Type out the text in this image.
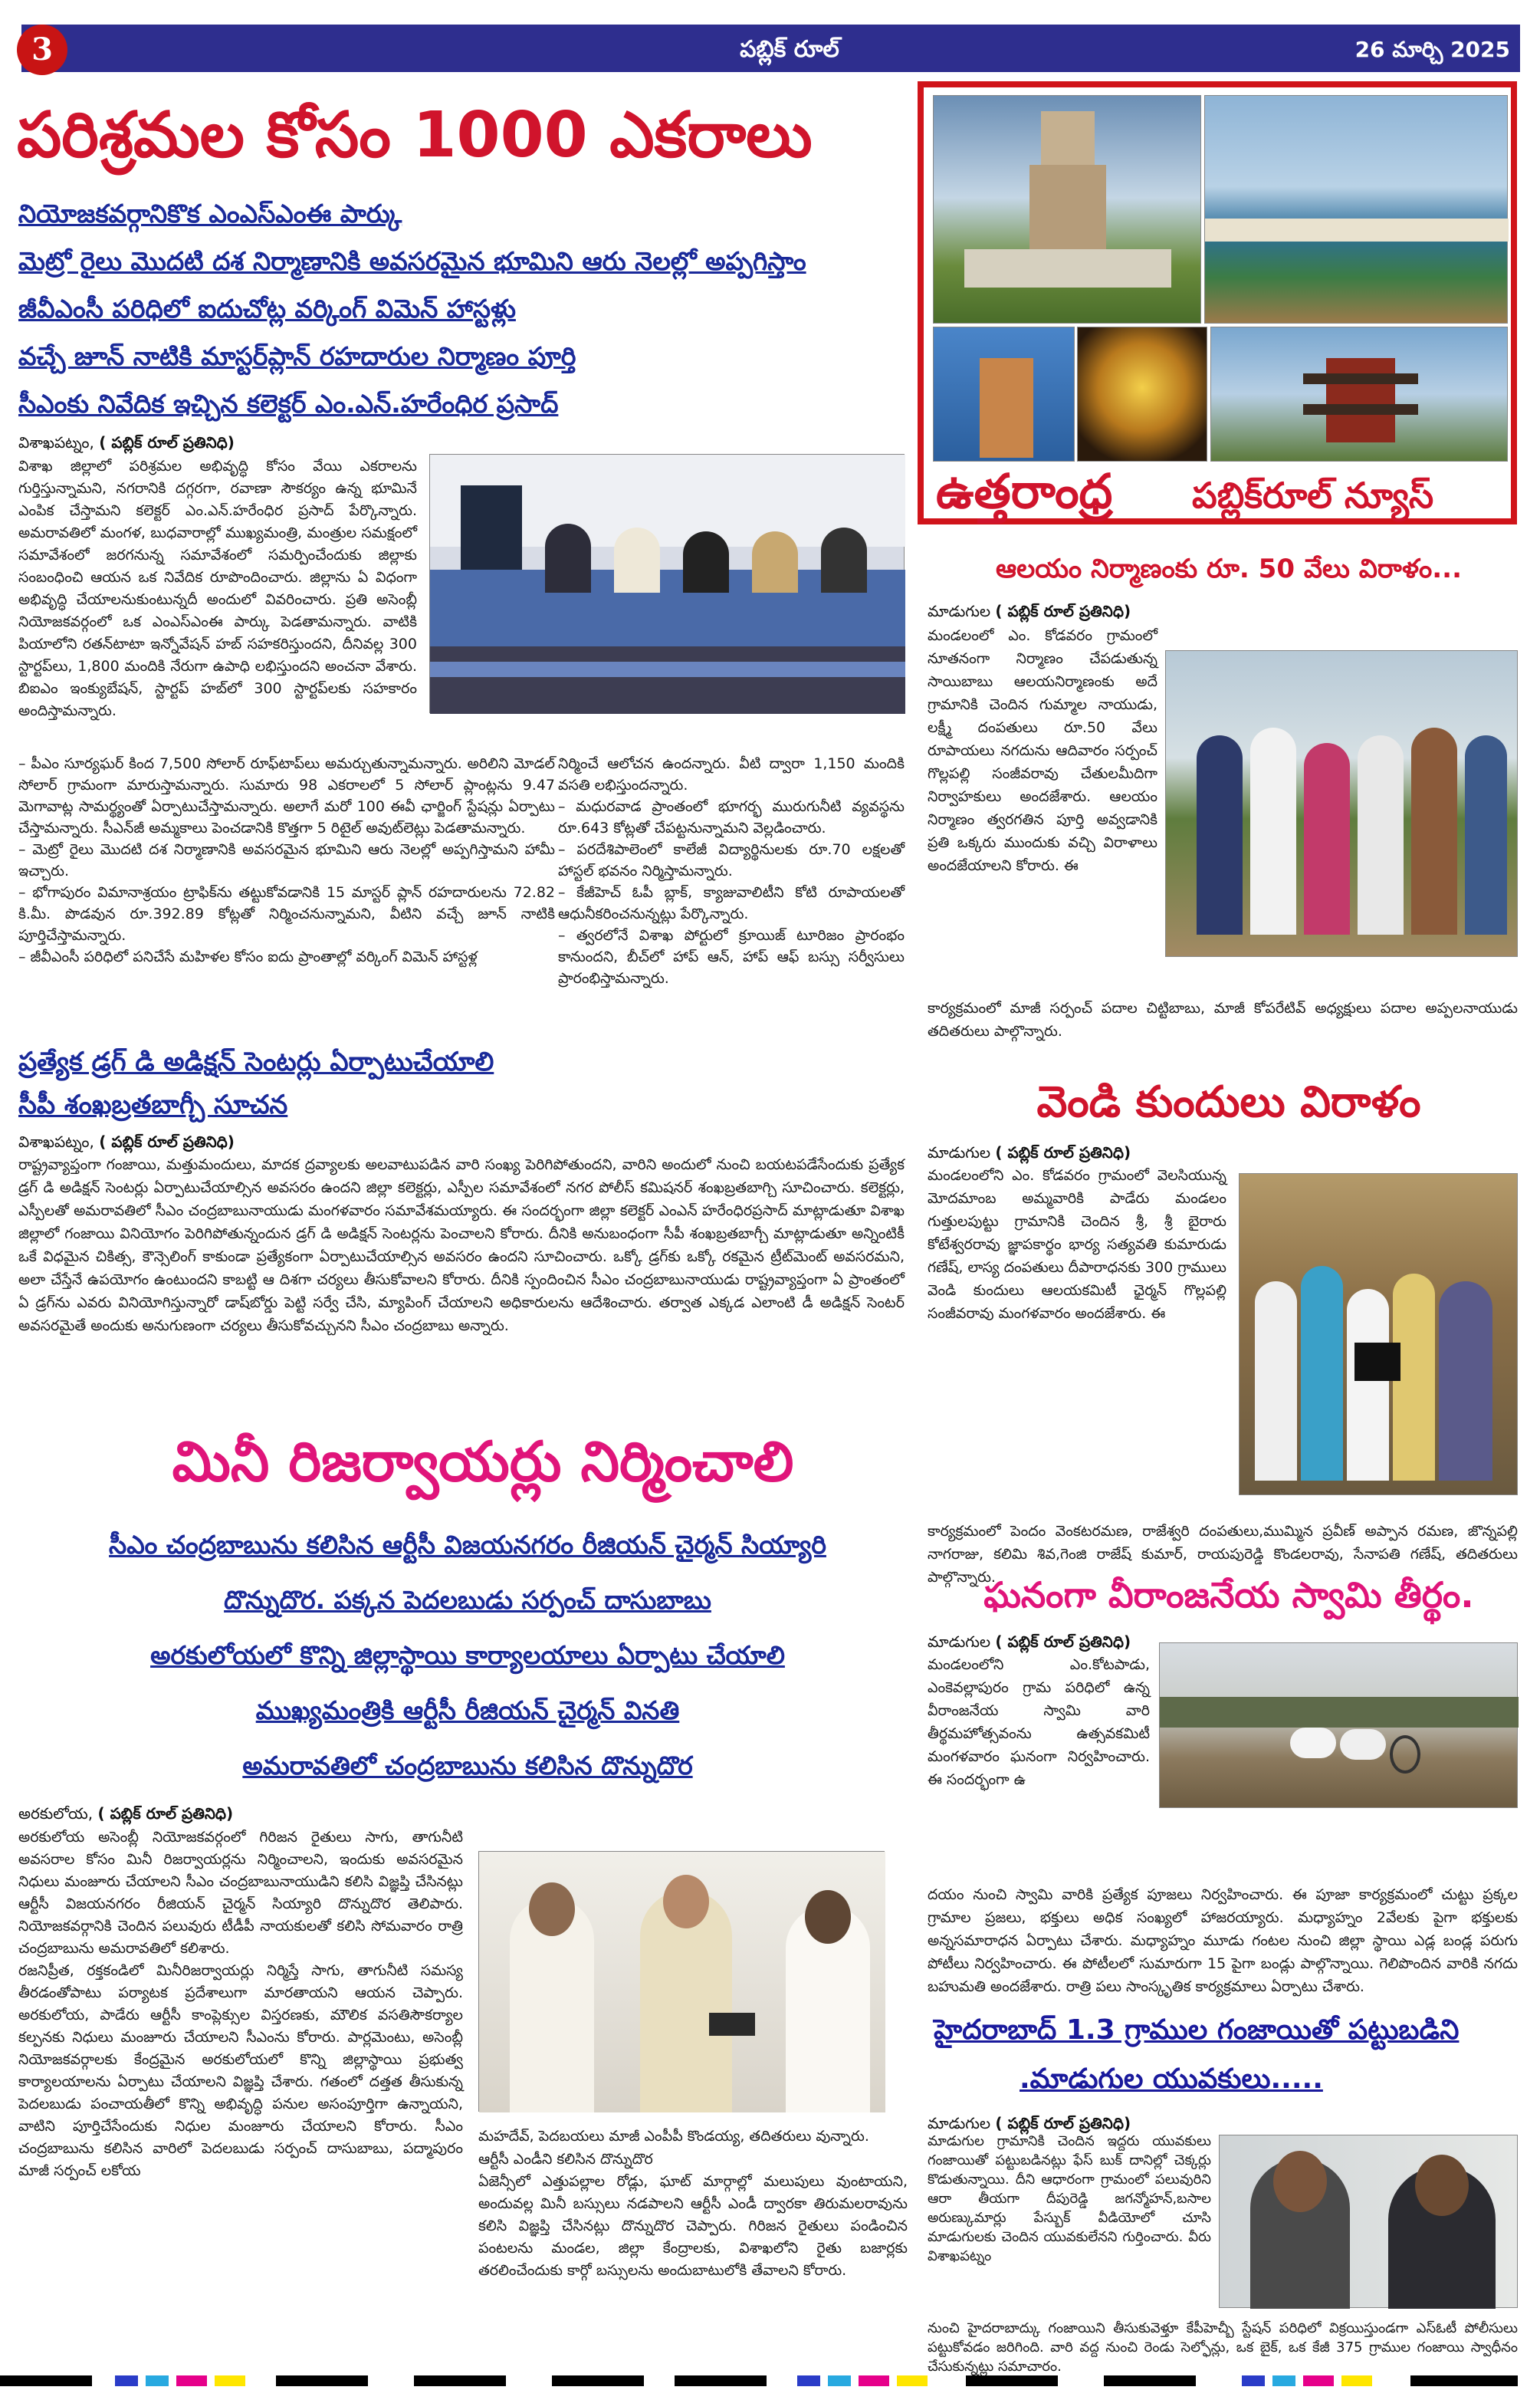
3	పబ్లిక్ రూల్	26 మార్చి 2025
పరిశ్రమల కోసం 1000 ఎకరాలు
నియోజకవర్గానికొక ఎంఎస్ఎంఈ పార్కు
మెట్రో రైలు మొదటి దశ నిర్మాణానికి అవసరమైన భూమిని ఆరు నెలల్లో అప్పగిస్తాం
జీవీఎంసీ పరిధిలో ఐదుచోట్ల వర్కింగ్ విమెన్ హాస్టళ్లు
వచ్చే జూన్ నాటికి మాస్టర్‌ప్లాన్ రహదారుల నిర్మాణం పూర్తి
సీఎంకు నివేదిక ఇచ్చిన కలెక్టర్ ఎం.ఎన్.హరేంధిర ప్రసాద్
విశాఖపట్నం, ( పబ్లిక్ రూల్ ప్రతినిధి)
విశాఖ జిల్లాలో పరిశ్రమల అభివృద్ధి కోసం వేయి ఎకరాలను గుర్తిస్తున్నామని, నగరానికి దగ్గరగా, రవాణా సౌకర్యం ఉన్న భూమినే ఎంపిక చేస్తామని కలెక్టర్ ఎం.ఎన్.హరేంధిర ప్రసాద్ పేర్కొన్నారు. అమరావతిలో మంగళ, బుధవారాల్లో ముఖ్యమంత్రి, మంత్రుల సమక్షంలో సమావేశంలో జరగనున్న సమావేశంలో సమర్పించేందుకు జిల్లాకు సంబంధించి ఆయన ఒక నివేదిక రూపొందించారు. జిల్లాను ఏ విధంగా అభివృద్ధి చేయాలనుకుంటున్నదీ అందులో వివరించారు. ప్రతి అసెంబ్లీ నియోజకవర్గంలో ఒక ఎంఎస్ఎంఈ పార్కు పెడతామన్నారు. వాటికి పియాలోని రతన్‌టాటా ఇన్నోవేషన్ హబ్ సహకరిస్తుందని, దీనివల్ల 300 స్టార్టప్‌లు, 1,800 మందికి నేరుగా ఉపాధి లభిస్తుందని అంచనా వేశారు. బిఐఎం ఇంక్యుబేషన్, స్టార్టప్ హబ్‌లో 300 స్టార్టప్‌లకు సహకారం అందిస్తామన్నారు.

– పీఎం సూర్యఘర్ కింద 7,500 సోలార్ రూఫ్‌టాప్‌లు అమర్చుతున్నామన్నారు. అరిలిని మోడల్ సోలార్ గ్రామంగా మారుస్తామన్నారు. సుమారు 98 ఎకరాలలో 5 సోలార్ ప్లాంట్లను 9.47 మెగావాట్ల సామర్థ్యంతో ఏర్పాటుచేస్తామన్నారు. అలాగే మరో 100 ఈవీ ఛార్జింగ్ స్టేషన్లు ఏర్పాటు చేస్తామన్నారు. సీఎన్‌జీ అమ్మకాలు పెంచడానికి కొత్తగా 5 రిటైల్ అవుట్‌లెట్లు పెడతామన్నారు.

– మెట్రో రైలు మొదటి దశ నిర్మాణానికి అవసరమైన భూమిని ఆరు నెలల్లో అప్పగిస్తామని హామీ ఇచ్చారు.

– భోగాపురం విమానాశ్రయం ట్రాఫిక్‌ను తట్టుకోవడానికి 15 మాస్టర్ ప్లాన్ రహదారులను 72.82 కి.మీ. పొడవున రూ.392.89 కోట్లతో నిర్మించనున్నామని, వీటిని వచ్చే జూన్ నాటికి పూర్తిచేస్తామన్నారు.

– జీవీఎంసీ పరిధిలో పనిచేసే మహిళల కోసం ఐదు ప్రాంతాల్లో వర్కింగ్ విమెన్ హాస్టళ్ల

నిర్మించే ఆలోచన ఉందన్నారు. వీటి ద్వారా 1,150 మందికి వసతి లభిస్తుందన్నారు.

– మధురవాడ ప్రాంతంలో భూగర్భ మురుగునీటి వ్యవస్థను రూ.643 కోట్లతో చేపట్టనున్నామని వెల్లడించారు.

– పరదేశిపాలెంలో కాలేజీ విద్యార్థినులకు రూ.70 లక్షలతో హాస్టల్ భవనం నిర్మిస్తామన్నారు.

– కేజీహెచ్ ఓపీ బ్లాక్, క్యాజువాలిటీని కోటి రూపాయలతో ఆధునీకరించనున్నట్లు పేర్కొన్నారు.

– త్వరలోనే విశాఖ పోర్టులో క్రూయిజ్ టూరిజం ప్రారంభం కానుందని, బీచ్‌లో హాప్ ఆన్, హాప్ ఆఫ్ బస్సు సర్వీసులు ప్రారంభిస్తామన్నారు.

ప్రత్యేక డ్రగ్ డి అడిక్షన్ సెంటర్లు ఏర్పాటుచేయాలి
సీపీ శంఖబ్రతబాగ్చీ సూచన
విశాఖపట్నం, ( పబ్లిక్ రూల్ ప్రతినిధి)
రాష్ట్రవ్యాప్తంగా గంజాయి, మత్తుమందులు, మాదక ద్రవ్యాలకు అలవాటుపడిన వారి సంఖ్య పెరిగిపోతుందని, వారిని అందులో నుంచి బయటపడేసేందుకు ప్రత్యేక డ్రగ్ డి అడిక్షన్ సెంటర్లు ఏర్పాటుచేయాల్సిన అవసరం ఉందని జిల్లా కలెక్టర్లు, ఎస్పీల సమావేశంలో నగర పోలీస్ కమిషనర్ శంఖబ్రతబాగ్చి సూచించారు. కలెక్టర్లు, ఎస్పీలతో అమరావతిలో సీఎం చంద్రబాబునాయుడు మంగళవారం సమావేశమయ్యారు. ఈ సందర్భంగా జిల్లా కలెక్టర్ ఎంఎన్ హరేంధిరప్రసాద్ మాట్లాడుతూ విశాఖ జిల్లాలో గంజాయి వినియోగం పెరిగిపోతున్నందున డ్రగ్ డి అడిక్షన్ సెంటర్లను పెంచాలని కోరారు. దీనికి అనుబంధంగా సీపీ శంఖబ్రతబాగ్చీ మాట్లాడుతూ అన్నింటికీ ఒకే విధమైన చికిత్స, కౌన్సెలింగ్ కాకుండా ప్రత్యేకంగా ఏర్పాటుచేయాల్సిన అవసరం ఉందని సూచించారు. ఒక్కో డ్రగ్‌కు ఒక్కో రకమైన ట్రీట్‌మెంట్ అవసరమని, అలా చేస్తేనే ఉపయోగం ఉంటుందని కాబట్టి ఆ దిశగా చర్యలు తీసుకోవాలని కోరారు. దీనికి స్పందించిన సీఎం చంద్రబాబునాయుడు రాష్ట్రవ్యాప్తంగా ఏ ప్రాంతంలో ఏ డ్రగ్‌ను ఎవరు వినియోగిస్తున్నారో డాష్‌బోర్డు పెట్టి సర్వే చేసి, మ్యాపింగ్ చేయాలని అధికారులను ఆదేశించారు. తర్వాత ఎక్కడ ఎలాంటి డీ అడిక్షన్ సెంటర్ అవసరమైతే అందుకు అనుగుణంగా చర్యలు తీసుకోవచ్చునని సీఎం చంద్రబాబు అన్నారు.
మినీ రిజర్వాయర్లు నిర్మించాలి
సీఎం చంద్రబాబును కలిసిన ఆర్టీసీ విజయనగరం రీజియన్ చైర్మన్ సియ్యారి
దొన్నుదొర. పక్కన పెదలబుడు సర్పంచ్ దాసుబాబు
అరకులోయలో కొన్ని జిల్లాస్థాయి కార్యాలయాలు ఏర్పాటు చేయాలి
ముఖ్యమంత్రికి ఆర్టీసీ రీజియన్ చైర్మన్ వినతి
అమరావతిలో చంద్రబాబును కలిసిన దొన్నుదొర
అరకులోయ, ( పబ్లిక్ రూల్ ప్రతినిధి)
అరకులోయ అసెంబ్లీ నియోజకవర్గంలో గిరిజన రైతులు సాగు, తాగునీటి అవసరాల కోసం మినీ రిజర్వాయర్లను నిర్మించాలని, ఇందుకు అవసరమైన నిధులు మంజూరు చేయాలని సీఎం చంద్రబాబునాయుడిని కలిసి విజ్ఞప్తి చేసినట్లు ఆర్టీసీ విజయనగరం రీజియన్ చైర్మన్ సియ్యారి దొన్నుదొర తెలిపారు. నియోజకవర్గానికి చెందిన పలువురు టీడీపీ నాయకులతో కలిసి సోమవారం రాత్రి చంద్రబాబును అమరావతిలో కలిశారు.
రజనిప్రీత, రక్తకండిలో మినీరిజర్వాయర్లు నిర్మిస్తే సాగు, తాగునీటి సమస్య తీరడంతోపాటు పర్యాటక ప్రదేశాలుగా మారతాయని ఆయన చెప్పారు. అరకులోయ, పాడేరు ఆర్టీసీ కాంప్లెక్సుల విస్తరణకు, మౌలిక వసతిసౌకర్యాల కల్పనకు నిధులు మంజూరు చేయాలని సీఎంను కోరారు. పార్లమెంటు, అసెంబ్లీ నియోజకవర్గాలకు కేంద్రమైన అరకులోయలో కొన్ని జిల్లాస్థాయి ప్రభుత్వ కార్యాలయాలను ఏర్పాటు చేయాలని విజ్ఞప్తి చేశారు. గతంలో దత్తత తీసుకున్న పెదలబుడు పంచాయతీలో కొన్ని అభివృద్ధి పనుల అసంపూర్తిగా ఉన్నాయని, వాటిని పూర్తిచేసేందుకు నిధుల మంజూరు చేయాలని కోరారు. సీఎం చంద్రబాబును కలిసిన వారిలో పెదలబుడు సర్పంచ్ దాసుబాబు, పద్మాపురం మాజీ సర్పంచ్ లకోయ
మహదేవ్, పెదబయలు మాజీ ఎంపీపీ కొండయ్య, తదితరులు వున్నారు.
ఆర్టీసీ ఎండీని కలిసిన దొన్నుదొర
ఏజెన్సీలో ఎత్తుపల్లాల రోడ్లు, ఘాట్ మార్గాల్లో మలుపులు వుంటాయని, అందువల్ల మినీ బస్సులు నడపాలని ఆర్టీసీ ఎండీ ద్వారకా తిరుమలరావును కలిసి విజ్ఞప్తి చేసినట్లు దొన్నుదొర చెప్పారు. గిరిజన రైతులు పండించిన పంటలను మండల, జిల్లా కేంద్రాలకు, విశాఖలోని రైతు బజార్లకు తరలించేందుకు కార్గో బస్సులను అందుబాటులోకి తేవాలని కోరారు.
ఉత్తరాంధ్ర	పబ్లిక్‌రూల్ న్యూస్
ఆలయం నిర్మాణంకు రూ. 50 వేలు విరాళం...
మాడుగుల ( పబ్లిక్ రూల్ ప్రతినిధి)
మండలంలో ఎం. కోడవరం గ్రామంలో నూతనంగా నిర్మాణం చేపడుతున్న సాయిబాబు ఆలయనిర్మాణంకు అదే గ్రామానికి చెందిన గుమ్మాల నాయుడు, లక్ష్మీ దంపతులు రూ.50 వేలు రూపాయలు నగదును ఆదివారం సర్పంచ్ గొల్లపల్లి సంజీవరావు చేతులమీదిగా నిర్వాహకులు అందజేశారు. ఆలయం నిర్మాణం త్వరగతిన పూర్తి అవ్వడానికి ప్రతి ఒక్కరు ముందుకు వచ్చి విరాళాలు అందజేయాలని కోరారు. ఈ
కార్యక్రమంలో మాజీ సర్పంచ్ పదాల చిట్టిబాబు, మాజీ కోపరేటివ్ అధ్యక్షులు పదాల అప్పలనాయుడు తదితరులు పాల్గొన్నారు.
వెండి కుందులు విరాళం
మాడుగుల ( పబ్లిక్ రూల్ ప్రతినిధి)
మండలంలోని ఎం. కోడవరం గ్రామంలో వెలసియున్న మోదమాంబ అమ్మవారికి పాడేరు మండలం గుత్తులపుట్టు గ్రామానికి చెందిన శ్రీ, శ్రీ బైరారు కోటేశ్వరరావు జ్ఞాపకార్థం భార్య సత్యవతి కుమారుడు గణేష్, లాస్య దంపతులు దీపారాధనకు 300 గ్రాములు వెండి కుందులు ఆలయకమిటీ ఛైర్మన్ గొల్లపల్లి సంజీవరావు మంగళవారం అందజేశారు. ఈ
కార్యక్రమంలో పెందం వెంకటరమణ, రాజేశ్వరి దంపతులు,ముమ్మిన ప్రవీణ్ అప్పాన రమణ, జొన్నపల్లి నాగరాజు, కలిమి శివ,గెంజి రాజేష్ కుమార్, రాయపురెడ్డి కొండలరావు, సేనాపతి గణేష్, తదితరులు పాల్గొన్నారు.
ఘనంగా వీరాంజనేయ స్వామి తీర్థం.
మాడుగుల ( పబ్లిక్ రూల్ ప్రతినిధి)
మండలంలోని ఎం.కోటపాడు, ఎంకెవల్లాపురం గ్రామ పరిధిలో ఉన్న వీరాంజనేయ స్వామి వారి తీర్థమహోత్సవంను ఉత్సవకమిటీ మంగళవారం ఘనంగా నిర్వహించారు. ఈ సందర్భంగా ఉ
దయం నుంచి స్వామి వారికి ప్రత్యేక పూజలు నిర్వహించారు. ఈ పూజా కార్యక్రమంలో చుట్టు ప్రక్కల గ్రామాల ప్రజలు, భక్తులు అధిక సంఖ్యలో హాజరయ్యారు. మధ్యాహ్నం 2వేలకు పైగా భక్తులకు అన్నసమారాధన ఏర్పాటు చేశారు. మధ్యాహ్నం మూడు గంటల నుంచి జిల్లా స్థాయి ఎడ్ల బండ్ల పరుగు పోటీలు నిర్వహించారు. ఈ పోటీలలో సుమారుగా 15 పైగా బండ్లు పాల్గొన్నాయి. గెలిపొందిన వారికి నగదు బహుమతి అందజేశారు. రాత్రి పలు సాంస్కృతిక కార్యక్రమాలు ఏర్పాటు చేశారు.
హైదరాబాద్ 1.3 గ్రాముల గంజాయితో పట్టుబడిని
.మాడుగుల యువకులు.....
మాడుగుల ( పబ్లిక్ రూల్ ప్రతినిధి)
మాడుగుల గ్రామానికి చెందిన ఇద్దరు యువకులు గంజాయితో పట్టుబడినట్లు ఫేస్ బుక్ దానిల్లో చెక్కర్లు కొడుతున్నాయి. దీని ఆధారంగా గ్రామంలో పలువురిని ఆరా తీయగా దీపురెడ్డి జగన్మోహన్,బసాల అరుణ్కుమార్లు పేస్బుక్ వీడియోలో చూసి మాడుగులకు చెందిన యువకులేనని గుర్తించారు. వీరు విశాఖపట్నం
నుంచి హైదరాబాద్కు గంజాయిని తీసుకువెళ్తూ కేపీహెచ్బీ స్టేషన్ పరిధిలో విక్రయిస్తుండగా ఎస్ఓటీ పోలీసులు పట్టుకోవడం జరిగింది. వారి వద్ద నుంచి రెండు సెల్ఫోన్లు, ఒక బైక్, ఒక కేజీ 375 గ్రాముల గంజాయి స్వాధీనం చేసుకున్నట్లు సమాచారం.
